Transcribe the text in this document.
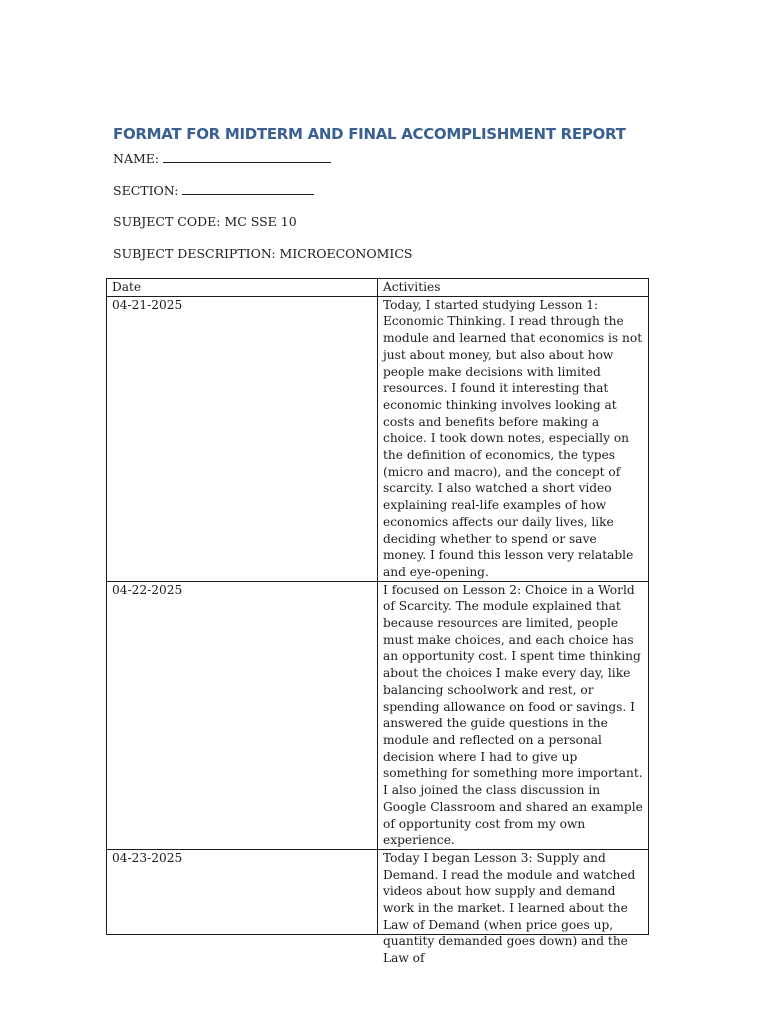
FORMAT FOR MIDTERM AND FINAL ACCOMPLISHMENT REPORT
NAME:
SECTION:
SUBJECT CODE: MC SSE 10
SUBJECT DESCRIPTION: MICROECONOMICS
Date	Activities
04-21-2025	Today, I started studying Lesson 1: Economic Thinking. I read through the module and learned that economics is not just about money, but also about how people make decisions with limited resources. I found it interesting that economic thinking involves looking at costs and benefits before making a choice. I took down notes, especially on the definition of economics, the types (micro and macro), and the concept of scarcity. I also watched a short video explaining real-life examples of how economics affects our daily lives, like deciding whether to spend or save money. I found this lesson very relatable and eye-opening.
04-22-2025	I focused on Lesson 2: Choice in a World of Scarcity. The module explained that because resources are limited, people must make choices, and each choice has an opportunity cost. I spent time thinking about the choices I make every day, like balancing schoolwork and rest, or spending allowance on food or savings. I answered the guide questions in the module and reflected on a personal decision where I had to give up something for something more important. I also joined the class discussion in Google Classroom and shared an example of opportunity cost from my own experience.

04-23-2025	Today I began Lesson 3: Supply and Demand. I read the module and watched videos about how supply and demand work in the market. I learned about the Law of Demand (when price goes up, quantity demanded goes down) and the Law of
